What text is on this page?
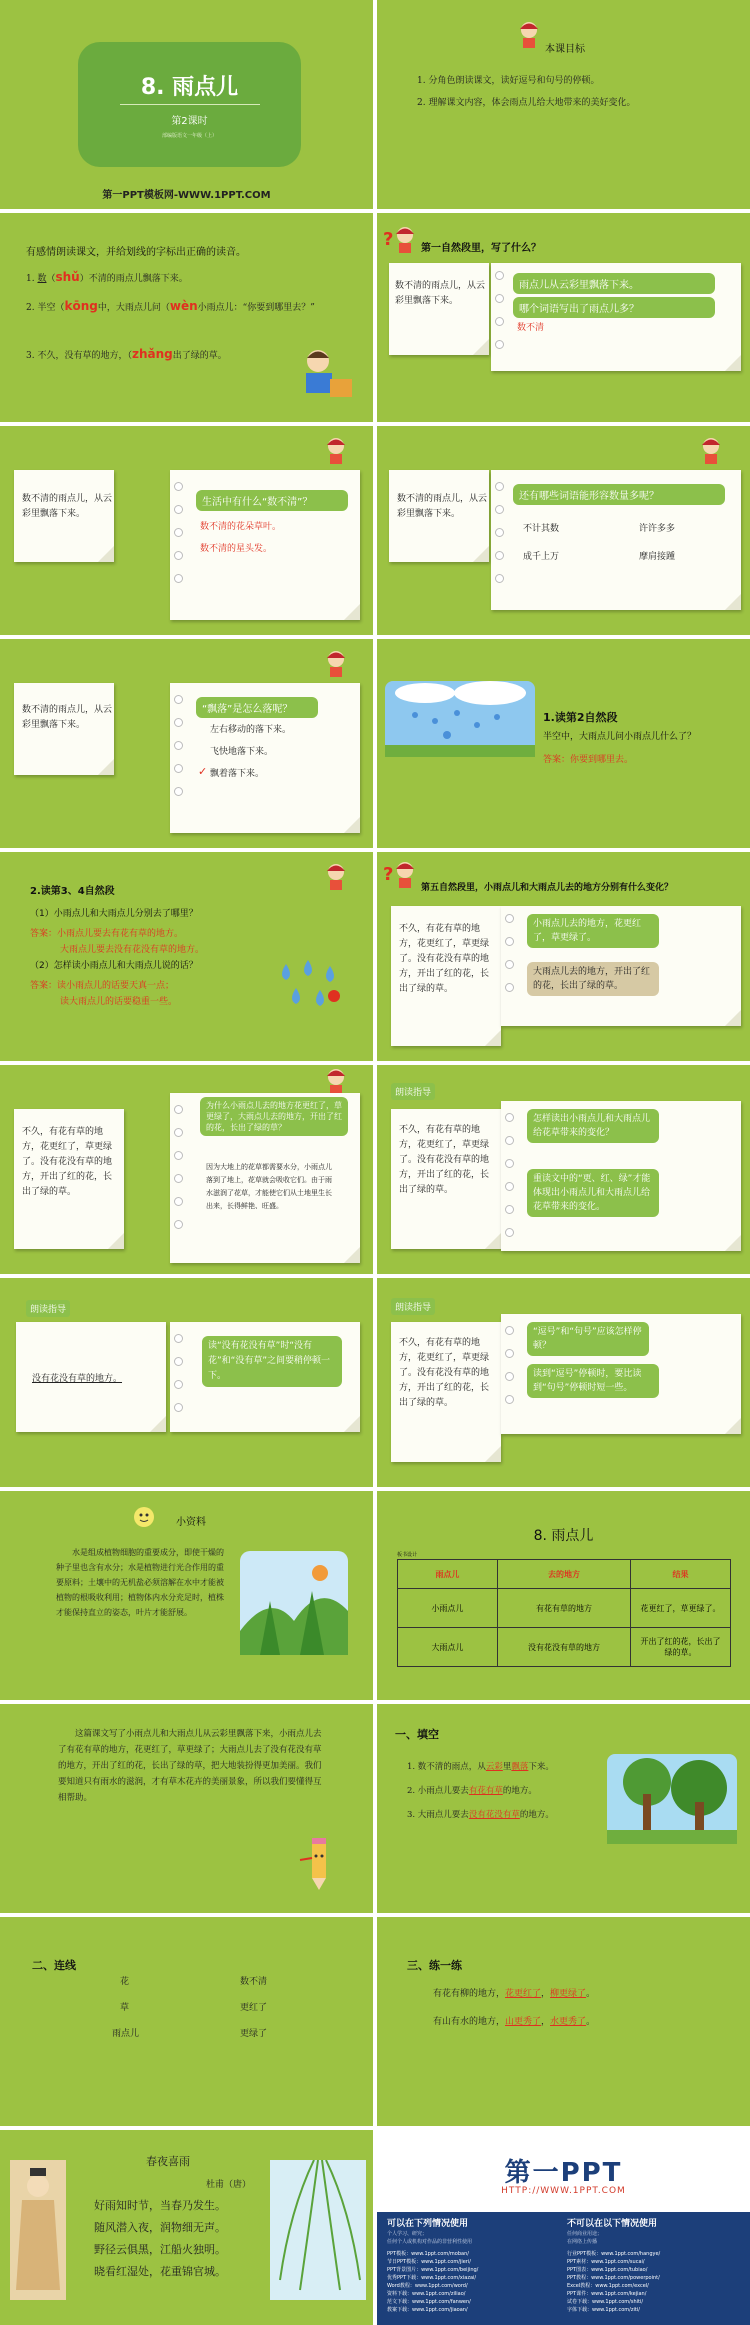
8. 雨点儿
第2课时
部编版语文一年级（上）
第一PPT模板网-WWW.1PPT.COM
本课目标
1. 分角色朗读课文，读好逗号和句号的停顿。
2. 理解课文内容，体会雨点儿给大地带来的美好变化。
有感情朗读课文，并给划线的字标出正确的读音。
1. 数（shǔ）不清的雨点儿飘落下来。
2. 半空（kōng中，大雨点儿问（wèn小雨点儿：“你要到哪里去？”
3. 不久，没有草的地方，（zhǎng出了绿的草。
?	第一自然段里，写了什么？
数不清的雨点儿，从云彩里飘落下来。
雨点儿从云彩里飘落下来。
哪个词语写出了雨点儿多？
数不清
数不清的雨点儿，从云彩里飘落下来。
生活中有什么“数不清”？
数不清的花朵草叶。
数不清的星头发。
数不清的雨点儿，从云彩里飘落下来。
还有哪些词语能形容数量多呢？
不计其数	许许多多
成千上万	摩肩接踵
数不清的雨点儿，从云彩里飘落下来。
“飘落”是怎么落呢？
左右移动的落下来。
飞快地落下来。
✓ 飘着落下来。
1.读第2自然段
半空中，大雨点儿问小雨点儿什么了？
答案：你要到哪里去。
2.读第3、4自然段
（1）小雨点儿和大雨点儿分别去了哪里？
答案：小雨点儿要去有花有草的地方。
大雨点儿要去没有花没有草的地方。
（2）怎样读小雨点儿和大雨点儿说的话？
答案：读小雨点儿的话要天真一点；
读大雨点儿的话要稳重一些。
?
第五自然段里，小雨点儿和大雨点儿去的地方分别有什么变化？
不久，有花有草的地方，花更红了，草更绿了。没有花没有草的地方，开出了红的花，长出了绿的草。
小雨点儿去的地方，花更红了，草更绿了。
大雨点儿去的地方，开出了红的花，长出了绿的草。
不久，有花有草的地方，花更红了，草更绿了。没有花没有草的地方，开出了红的花，长出了绿的草。
为什么小雨点儿去的地方花更红了，草更绿了，大雨点儿去的地方，开出了红的花，长出了绿的草？
因为大地上的花草都需要水分，小雨点儿落到了地上，花草就会吸收它们。由于雨水滋润了花草，才能使它们从土地里生长出来，长得鲜艳、旺盛。
朗读指导
不久，有花有草的地方，花更红了，草更绿了。没有花没有草的地方，开出了红的花，长出了绿的草。
怎样读出小雨点儿和大雨点儿给花草带来的变化？
重读文中的“更、红、绿”才能体现出小雨点儿和大雨点儿给花草带来的变化。
朗读指导
没有花没有草的地方。
读“没有花没有草”时“没有花”和“没有草”之间要稍停顿一下。
朗读指导
不久，有花有草的地方，花更红了，草更绿了。没有花没有草的地方，开出了红的花，长出了绿的草。
“逗号”和“句号”应该怎样停顿？
读到“逗号”停顿时，要比读到“句号”停顿时短一些。
小资料
水是组成植物细胞的重要成分，即使干燥的种子里也含有水分；水是植物进行光合作用的重要原料；土壤中的无机盐必须溶解在水中才能被植物的根吸收利用；植物体内水分充足时，植株才能保持直立的姿态，叶片才能舒展。
8. 雨点儿
板书设计
雨点儿	去的地方	结果
小雨点儿	有花有草的地方	花更红了，草更绿了。
大雨点儿	没有花没有草的地方	开出了红的花，长出了绿的草。
这篇课文写了小雨点儿和大雨点儿从云彩里飘落下来，小雨点儿去了有花有草的地方，花更红了，草更绿了；大雨点儿去了没有花没有草的地方，开出了红的花，长出了绿的草，把大地装扮得更加美丽。我们要知道只有雨水的滋润，才有草木花卉的美丽景象，所以我们要懂得互相帮助。
一、填空
1. 数不清的雨点，从云彩里飘落下来。
2. 小雨点儿要去有花有草的地方。
3. 大雨点儿要去没有花没有草的地方。
二、连线
花
草
雨点儿
数不清
更红了
更绿了
三、练一练
有花有柳的地方，花更红了，柳更绿了。
有山有水的地方，山更秀了，水更秀了。
春夜喜雨
杜甫（唐）
好雨知时节，当春乃发生。
随风潜入夜，润物细无声。
野径云俱黑，江船火独明。
晓看红湿处，花重锦官城。
第一PPT
HTTP://WWW.1PPT.COM
可以在下列情况使用	不可以在以下情况使用
个人学习、研究；
任何个人或机构对作品的非营利性使用
任何商业用途；
在网络上传播
PPT模板：www.1ppt.com/moban/
节日PPT模板：www.1ppt.com/jieri/
PPT背景图片：www.1ppt.com/beijing/
优秀PPT下载：www.1ppt.com/xiazai/
Word教程：www.1ppt.com/word/
资料下载：www.1ppt.com/ziliao/
范文下载：www.1ppt.com/fanwen/
教案下载：www.1ppt.com/jiaoan/
行业PPT模板：www.1ppt.com/hangye/
PPT素材：www.1ppt.com/sucai/
PPT图表：www.1ppt.com/tubiao/
PPT教程：www.1ppt.com/powerpoint/
Excel教程：www.1ppt.com/excel/
PPT课件：www.1ppt.com/kejian/
试卷下载：www.1ppt.com/shiti/
字体下载：www.1ppt.com/ziti/
